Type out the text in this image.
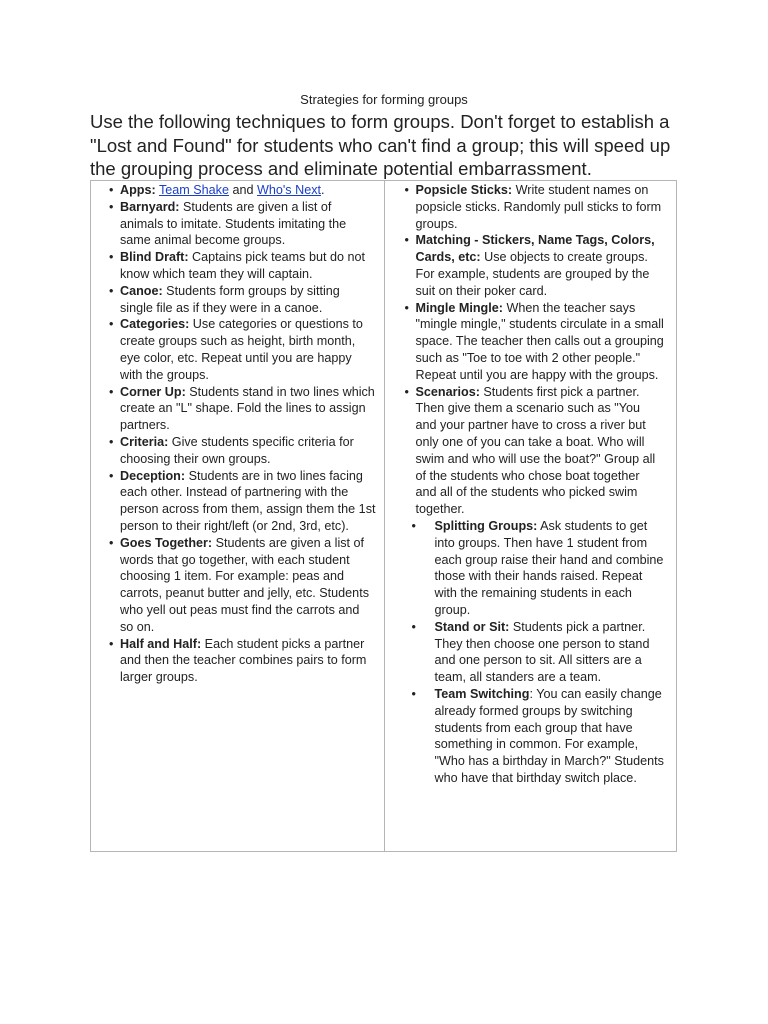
Strategies for forming groups
Use the following techniques to form groups. Don't forget to establish a "Lost and Found" for students who can't find a group; this will speed up the grouping process and eliminate potential embarrassment.
• Apps: Team Shake and Who's Next.
• Barnyard: Students are given a list of animals to imitate. Students imitating the same animal become groups.
• Blind Draft: Captains pick teams but do not know which team they will captain.
• Canoe: Students form groups by sitting single file as if they were in a canoe.
• Categories: Use categories or questions to create groups such as height, birth month, eye color, etc. Repeat until you are happy with the groups.
• Corner Up: Students stand in two lines which create an "L" shape. Fold the lines to assign partners.
• Criteria: Give students specific criteria for choosing their own groups.
• Deception: Students are in two lines facing each other. Instead of partnering with the person across from them, assign them the 1st person to their right/left (or 2nd, 3rd, etc).
• Goes Together: Students are given a list of words that go together, with each student choosing 1 item. For example: peas and carrots, peanut butter and jelly, etc. Students who yell out peas must find the carrots and so on.
• Half and Half: Each student picks a partner and then the teacher combines pairs to form larger groups.
• Popsicle Sticks: Write student names on popsicle sticks. Randomly pull sticks to form groups.
• Matching - Stickers, Name Tags, Colors, Cards, etc: Use objects to create groups. For example, students are grouped by the suit on their poker card.
• Mingle Mingle: When the teacher says "mingle mingle," students circulate in a small space. The teacher then calls out a grouping such as "Toe to toe with 2 other people." Repeat until you are happy with the groups.
• Scenarios: Students first pick a partner. Then give them a scenario such as "You and your partner have to cross a river but only one of you can take a boat. Who will swim and who will use the boat?" Group all of the students who chose boat together and all of the students who picked swim together.
• Splitting Groups: Ask students to get into groups. Then have 1 student from each group raise their hand and combine those with their hands raised. Repeat with the remaining students in each group.
• Stand or Sit: Students pick a partner. They then choose one person to stand and one person to sit. All sitters are a team, all standers are a team.
• Team Switching: You can easily change already formed groups by switching students from each group that have something in common. For example, "Who has a birthday in March?" Students who have that birthday switch place.
